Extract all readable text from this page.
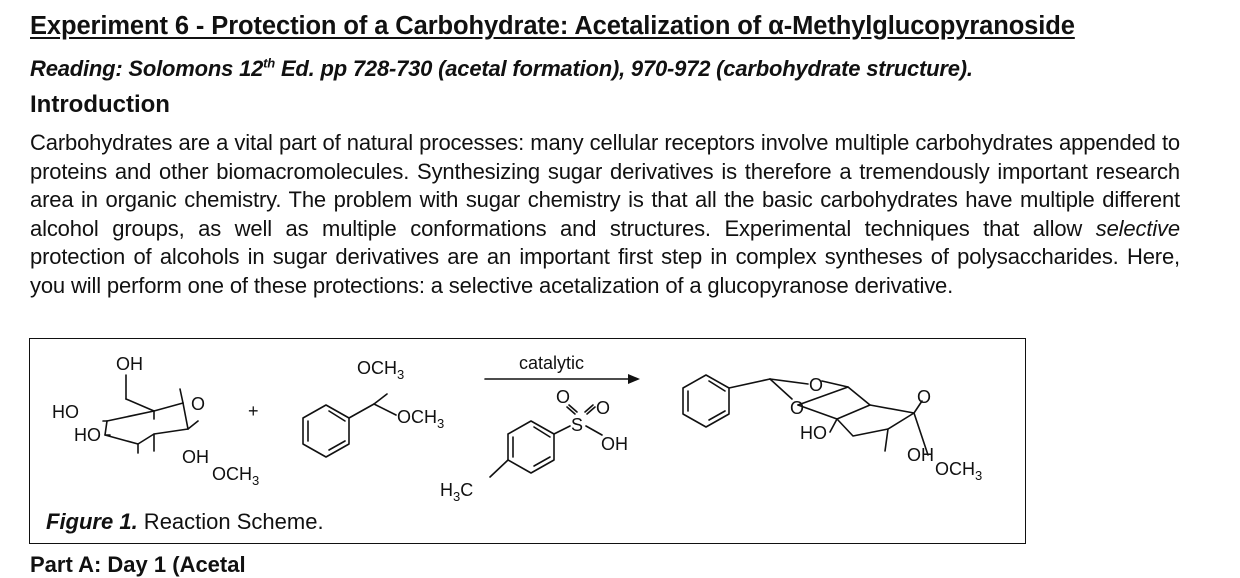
Experiment 6 - Protection of a Carbohydrate: Acetalization of α-Methylglucopyranoside

Reading: Solomons 12th Ed. pp 728-730 (acetal formation), 970-972 (carbohydrate structure).

Introduction

Carbohydrates are a vital part of natural processes: many cellular receptors involve multiple carbohydrates appended to proteins and other biomacromolecules. Synthesizing sugar derivatives is therefore a tremendously important research area in organic chemistry. The problem with sugar chemistry is that all the basic carbohydrates have multiple different alcohol groups, as well as multiple conformations and structures. Experimental techniques that allow selective protection of alcohols in sugar derivatives are an important first step in complex syntheses of polysaccharides. Here, you will perform one of these protections: a selective acetalization of a glucopyranose derivative.

OH
HO
HO
O
OH
$OCH_3$
+
$OCH_3$
$OCH_3$
catalytic
O
O
S
OH
$H_3C$
O
O
O
HO
OH
$OCH_3$
Figure 1. Reaction Scheme.
Part A: Day 1 (Acetal
